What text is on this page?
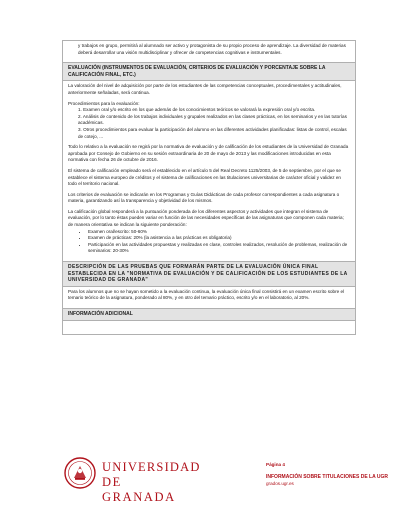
y trabajos en grupo, permitirá al alumnado ser activo y protagonista de su propio proceso de aprendizaje. La diversidad de materias deberá desarrollar una visión multidisciplinar y ofrecer de competencias cognitivas e instrumentales.

EVALUACIÓN (INSTRUMENTOS DE EVALUACIÓN, CRITERIOS DE EVALUACIÓN Y PORCENTAJE SOBRE LA CALIFICACIÓN FINAL, ETC.)

La valoración del nivel de adquisición por parte de los estudiantes de las competencias conceptuales, procedimentales y actitudinales, anteriormente señaladas, será continua.

Procedimientos para la evaluación:

1. Examen oral y/o escrito en los que además de los conocimientos teóricos se valorará la expresión oral y/o escrita.

2. Análisis de contenido de los trabajos individuales y grupales realizados en las clases prácticas, en los seminarios y en las tutorías académicas.

3. Otros procedimientos para evaluar la participación del alumno en las diferentes actividades planificadas: listas de control, escalas de cotejo, ...

Todo lo relativo a la evaluación se regirá por la normativa de evaluación y de calificación de los estudiantes de la Universidad de Granada aprobada por Consejo de Gobierno en su sesión extraordinaria de 20 de mayo de 2013 y las modificaciones introducidas en esta normativa con fecha 26 de octubre de 2016.

El sistema de calificación empleado será el establecido en el artículo 5 del Real Decreto 1125/2003, de 5 de septiembre, por el que se establece el sistema europeo de créditos y el sistema de calificaciones en las titulaciones universitarias de carácter oficial y validez en todo el territorio nacional.

Los criterios de evaluación se indicarán en los Programas y Guías Didácticas de cada profesor correspondientes a cada asignatura o materia, garantizando así la transparencia y objetividad de los mismos.

La calificación global responderá a la puntuación ponderada de los diferentes aspectos y actividades que integran el sistema de evaluación, por lo tanto éstas pueden variar en función de las necesidades específicas de las asignaturas que componen cada materia; de manera orientativa se indican la siguiente ponderación:

• Examen oral/escrito: 50-60%
• Examen de prácticas: 20% (la asistencia a las prácticas es obligatoria)
• Participación en las actividades propuestas y realizadas en clase, controles realizados, resolución de problemas, realización de seminarios: 20-30%
DESCRIPCIÓN DE LAS PRUEBAS QUE FORMARÁN PARTE DE LA EVALUACIÓN ÚNICA FINAL ESTABLECIDA EN LA "NORMATIVA DE EVALUACIÓN Y DE CALIFICACIÓN DE LOS ESTUDIANTES DE LA UNIVERSIDAD DE GRANADA"

Para los alumnos que no se hayan sometido a la evaluación continua, la evaluación única final consistirá en un examen escrito sobre el temario teórico de la asignatura, ponderado al 80%, y en otro del temario práctico, escrito y/o en el laboratorio, al 20%.

INFORMACIÓN ADICIONAL
UNIVERSIDAD
DE GRANADA
Página 4
INFORMACIÓN SOBRE TITULACIONES DE LA UGR
grados.ugr.es
